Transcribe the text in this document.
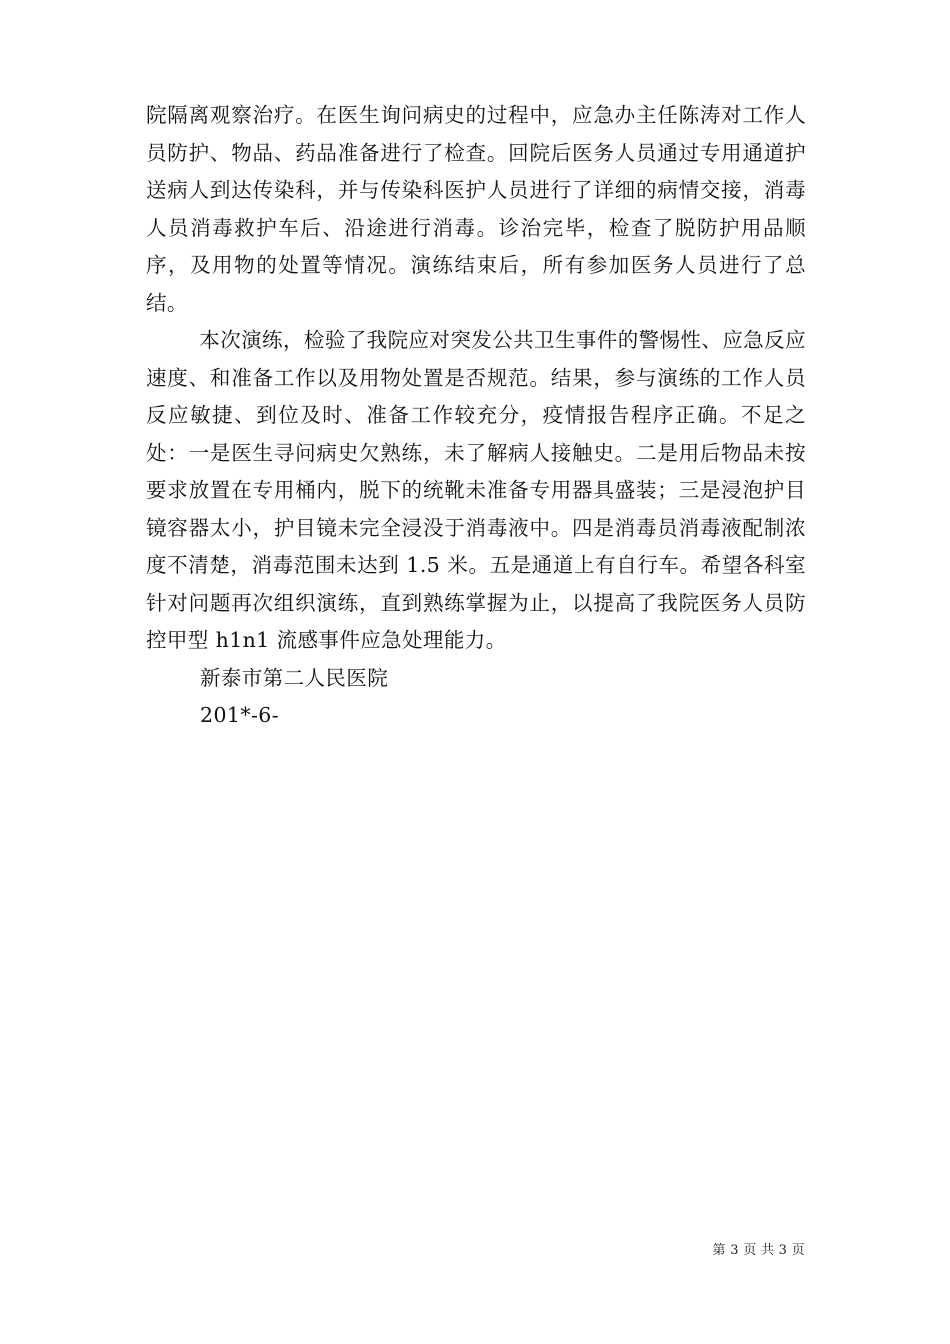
院隔离观察治疗。在医生询问病史的过程中，应急办主任陈涛对工作人员防护、物品、药品准备进行了检查。回院后医务人员通过专用通道护送病人到达传染科，并与传染科医护人员进行了详细的病情交接，消毒人员消毒救护车后、沿途进行消毒。诊治完毕，检查了脱防护用品顺序，及用物的处置等情况。演练结束后，所有参加医务人员进行了总结。

本次演练，检验了我院应对突发公共卫生事件的警惕性、应急反应速度、和准备工作以及用物处置是否规范。结果，参与演练的工作人员反应敏捷、到位及时、准备工作较充分，疫情报告程序正确。不足之处：一是医生寻问病史欠熟练，未了解病人接触史。二是用后物品未按要求放置在专用桶内，脱下的统靴未准备专用器具盛装；三是浸泡护目镜容器太小，护目镜未完全浸没于消毒液中。四是消毒员消毒液配制浓度不清楚，消毒范围未达到 1.5 米。五是通道上有自行车。希望各科室针对问题再次组织演练，直到熟练掌握为止，以提高了我院医务人员防控甲型 h1n1 流感事件应急处理能力。

新泰市第二人民医院

201*-6-

第 3 页 共 3 页
